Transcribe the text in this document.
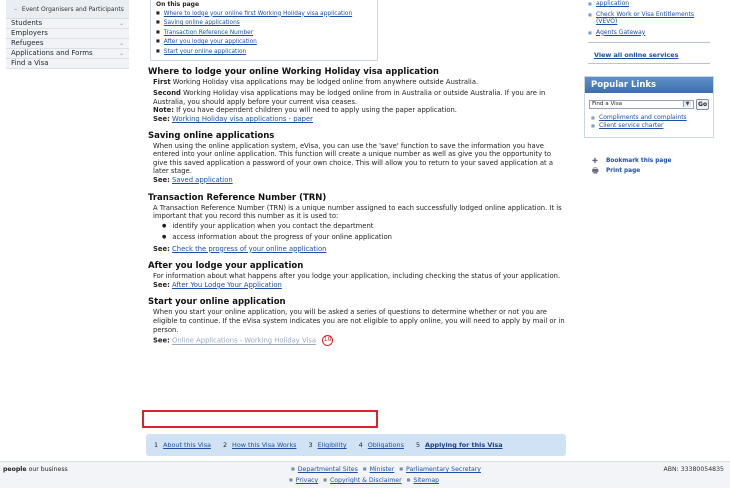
– Event Organisers and Participants
Students	⌄
Employers
Refugees	⌄
Applications and Forms	⌄
Find a Visa
On this page
■ Where to lodge your online first Working Holiday visa application
■ Saving online applications
■ Transaction Reference Number
■ After you lodge your application
■ Start your online application
Where to lodge your online Working Holiday visa application

First Working Holiday visa applications may be lodged online from anywhere outside Australia.

Second Working Holiday visa applications may be lodged online from in Australia or outside Australia. If you are in Australia, you should apply before your current visa ceases.
Note: If you have dependent children you will need to apply using the paper application.
See: Working Holiday visa applications - paper

Saving online applications

When using the online application system, eVisa, you can use the 'save' function to save the information you have entered into your online application. This function will create a unique number as well as give you the opportunity to give this saved application a password of your own choice. This will allow you to return to your saved application at a later stage.
See: Saved application

Transaction Reference Number (TRN)

A Transaction Reference Number (TRN) is a unique number assigned to each successfully lodged online application. It is important that you record this number as it is used to:

● identify your application when you contact the department
● access information about the progress of your online application

See: Check the progress of your online application

After you lodge your application

For information about what happens after you lodge your application, including checking the status of your application.
See: After You Lodge Your Application

Start your online application

When you start your online application, you will be asked a series of questions to determine whether or not you are eligible to continue. If the eVisa system indicates you are not eligible to apply online, you will need to apply by mail or in person.

See: Online Applications - Working Holiday Visa 10

1 About this Visa 2 How this Visa Works 3 Eligibility 4 Obligations 5 Applying for this Visa
■ application
■ Check Work or Visa Entitlements (VEVO)
■ Agents Gateway
View all online services
Popular Links
Find a Visa	▼	Go
■ Compliments and complaints
■ Client service charter
✚	Bookmark this page
🖶	Print page
people our business	■ Departmental Sites ■ Minister ■ Parliamentary Secretary
■ Privacy ■ Copyright & Disclaimer ■ Sitemap
ABN: 33380054835
